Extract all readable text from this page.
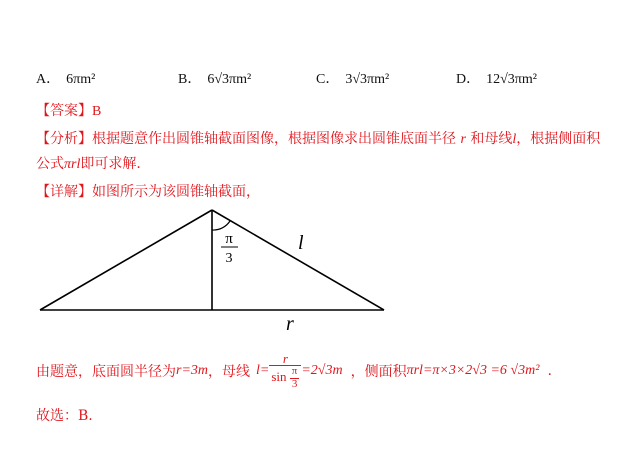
A． 6πm²	B． 6√3πm²	C． 3√3πm²	D． 12√3πm²
【答案】B
【分析】根据题意作出圆锥轴截面图像，根据图像求出圆锥底面半径 r 和母线l，根据侧面积
公式πrl即可求解.
【详解】如图所示为该圆锥轴截面，
π
3
l
r
由题意，底面圆半径为 r=3m ，母线 $l= \frac{r}{\sin \frac{\pi}{3}} =2√3m$ ，侧面积 πrl=π×3×2√3 =6 √3m² .
故选：B.
